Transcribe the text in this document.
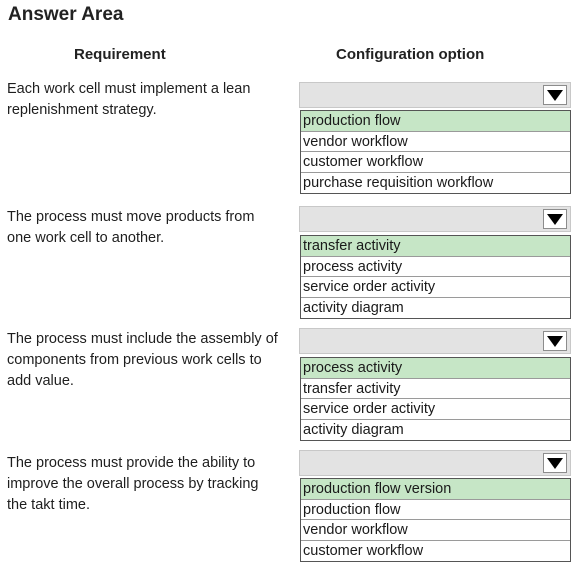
Answer Area
Requirement	Configuration option
Each work cell must implement a lean
replenishment strategy.
production flow
vendor workflow
customer workflow
purchase requisition workflow
The process must move products from
one work cell to another.	transfer activity
process activity
service order activity
activity diagram
The process must include the assembly of
components from previous work cells to
add value.
process activity
transfer activity
service order activity
activity diagram
The process must provide the ability to
improve the overall process by tracking
the takt time.
production flow version
production flow
vendor workflow
customer workflow
